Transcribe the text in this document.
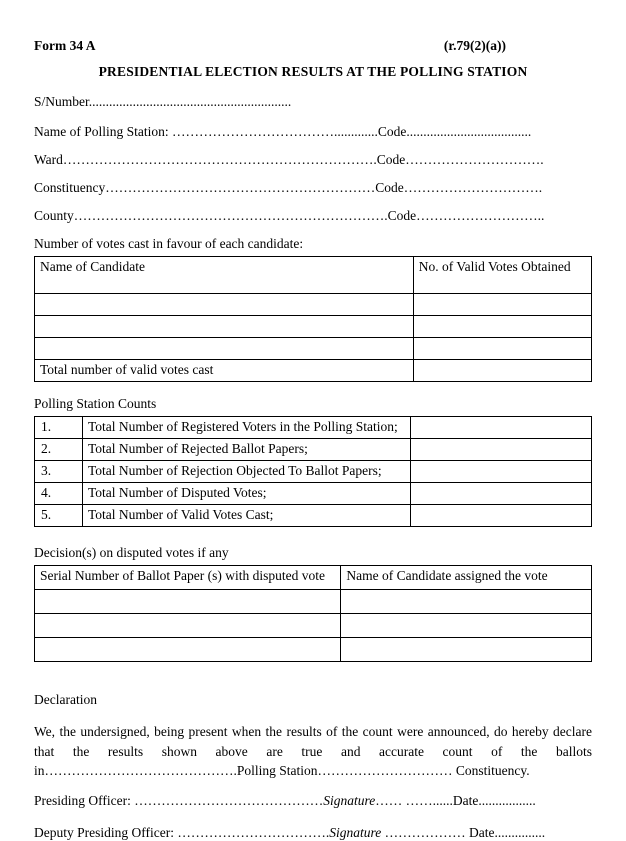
Form 34 A	(r.79(2)(a))
PRESIDENTIAL ELECTION RESULTS AT THE POLLING STATION
S/Number............................................................
Name of Polling Station: ……………………………….............Code.....................................
Ward…………………………………………………………….Code………………………….
Constituency……………………………………………………Code………………………….
County…………………………………………………………….Code………………………..
Number of votes cast in favour of each candidate:
Name of Candidate	No. of Valid Votes Obtained

Total number of valid votes cast	
Polling Station Counts
1.	Total Number of Registered Voters in the Polling Station;	
2.	Total Number of Rejected Ballot Papers;	
3.	Total Number of Rejection Objected To Ballot Papers;	
4.	Total Number of Disputed Votes;	
5.	Total Number of Valid Votes Cast;	
Decision(s) on disputed votes if any
Serial Number of Ballot Paper (s) with disputed vote	Name of Candidate assigned the vote

Declaration
We, the undersigned, being present when the results of the count were announced, do hereby declare that the results shown above are true and accurate count of the ballots in…………………………………….Polling Station………………………… Constituency.
Presiding Officer: ……………………………………Signature…… ……......Date.................
Deputy Presiding Officer: …………………………….Signature ……………… Date...............
